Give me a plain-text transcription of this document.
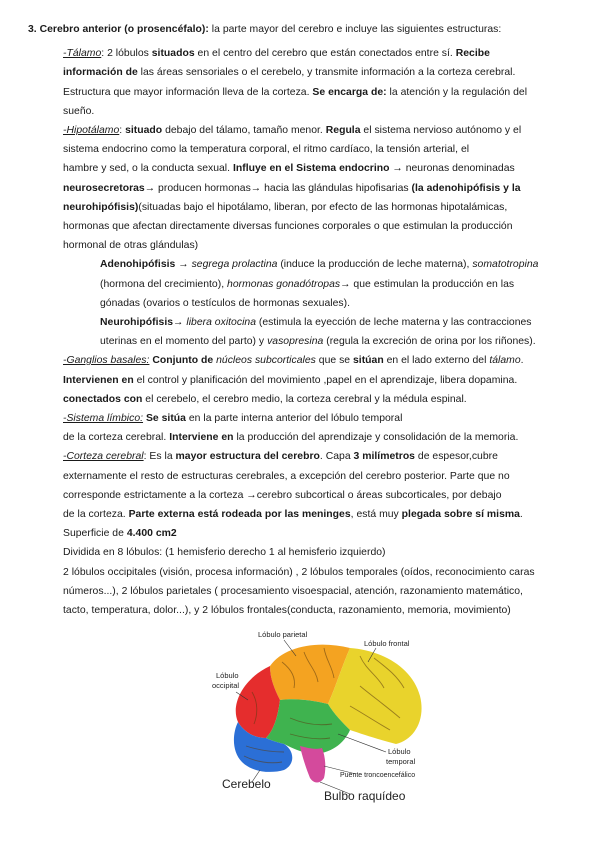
3. Cerebro anterior (o prosencéfalo): la parte mayor del cerebro e incluye las siguientes estructuras:
-Tálamo: 2 lóbulos situados en el centro del cerebro que están conectados entre sí. Recibe
información de las áreas sensoriales o el cerebelo, y transmite información a la corteza cerebral.
Estructura que mayor información lleva de la corteza. Se encarga de: la atención y la regulación del
sueño.
-Hipotálamo: situado debajo del tálamo, tamaño menor. Regula el sistema nervioso autónomo y el
sistema endocrino como la temperatura corporal, el ritmo cardíaco, la tensión arterial, el
hambre y sed, o la conducta sexual. Influye en el Sistema endocrino → neuronas denominadas
neurosecretoras→ producen hormonas→ hacia las glándulas hipofisarias (la adenohipófisis y la
neurohipófisis)(situadas bajo el hipotálamo, liberan, por efecto de las hormonas hipotalámicas,
hormonas que afectan directamente diversas funciones corporales o que estimulan la producción
hormonal de otras glándulas)
Adenohipófisis → segrega prolactina (induce la producción de leche materna), somatotropina
(hormona del crecimiento), hormonas gonadótropas→ que estimulan la producción en las
gónadas (ovarios o testículos de hormonas sexuales).
Neurohipófisis→ libera oxitocina (estimula la eyección de leche materna y las contracciones
uterinas en el momento del parto) y vasopresina (regula la excreción de orina por los riñones).
-Ganglios basales: Conjunto de núcleos subcorticales que se sitúan en el lado externo del tálamo.
Intervienen en el control y planificación del movimiento ,papel en el aprendizaje, libera dopamina.
conectados con el cerebelo, el cerebro medio, la corteza cerebral y la médula espinal.
-Sistema límbico: Se sitúa en la parte interna anterior del lóbulo temporal
de la corteza cerebral. Interviene en la producción del aprendizaje y consolidación de la memoria.
-Corteza cerebral: Es la mayor estructura del cerebro. Capa 3 milímetros de espesor,cubre
externamente el resto de estructuras cerebrales, a excepción del cerebro posterior. Parte que no
corresponde estrictamente a la corteza →cerebro subcortical o áreas subcorticales, por debajo
de la corteza. Parte externa está rodeada por las meninges, está muy plegada sobre sí misma.
Superficie de 4.400 cm2
Dividida en 8 lóbulos: (1 hemisferio derecho 1 al hemisferio izquierdo)
2 lóbulos occipitales (visión, procesa información) , 2 lóbulos temporales (oídos, reconocimiento caras
números...), 2 lóbulos parietales ( procesamiento visoespacial, atención, razonamiento matemático,
tacto, temperatura, dolor...), y 2 lóbulos frontales(conducta, razonamiento, memoria, movimiento)
Lóbulo parietal
Lóbulo frontal
Lóbulo
occipital
Lóbulo
temporal
Cerebelo
Puente troncoencefálico
Bulbo raquídeo
